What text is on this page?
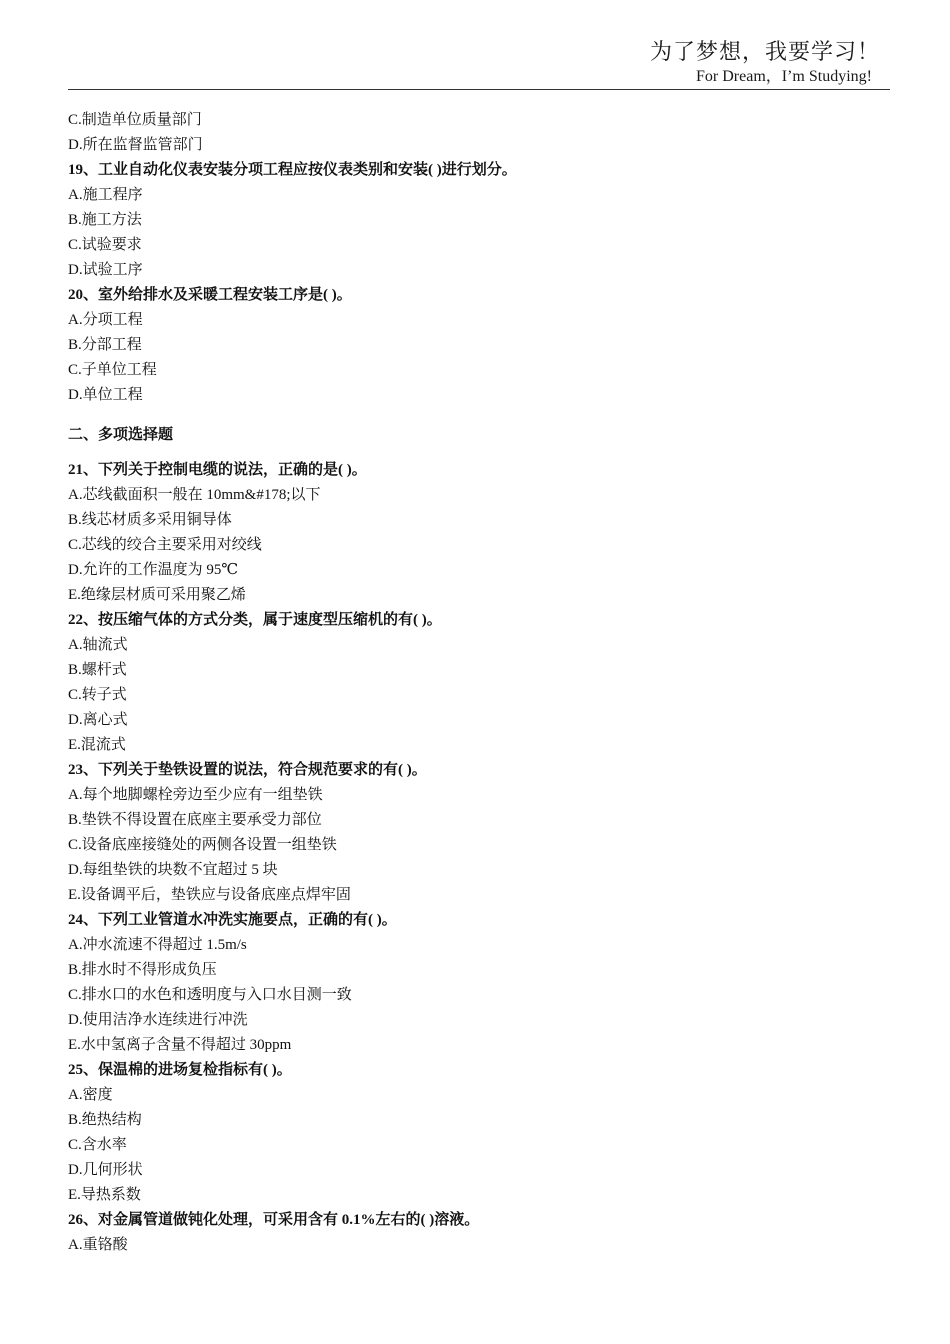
为了梦想，我要学习！
For Dream，I’m Studying!
C.制造单位质量部门
D.所在监督监管部门
19、工业自动化仪表安装分项工程应按仪表类别和安装( )进行划分。
A.施工程序
B.施工方法
C.试验要求
D.试验工序
20、室外给排水及采暖工程安装工序是( )。
A.分项工程
B.分部工程
C.子单位工程
D.单位工程
二、多项选择题
21、下列关于控制电缆的说法，正确的是( )。
A.芯线截面积一般在 10mm&#178;以下
B.线芯材质多采用铜导体
C.芯线的绞合主要采用对绞线
D.允许的工作温度为 95℃
E.绝缘层材质可采用聚乙烯
22、按压缩气体的方式分类，属于速度型压缩机的有( )。
A.轴流式
B.螺杆式
C.转子式
D.离心式
E.混流式
23、下列关于垫铁设置的说法，符合规范要求的有( )。
A.每个地脚螺栓旁边至少应有一组垫铁
B.垫铁不得设置在底座主要承受力部位
C.设备底座接缝处的两侧各设置一组垫铁
D.每组垫铁的块数不宜超过 5 块
E.设备调平后，垫铁应与设备底座点焊牢固
24、下列工业管道水冲洗实施要点，正确的有( )。
A.冲水流速不得超过 1.5m/s
B.排水时不得形成负压
C.排水口的水色和透明度与入口水目测一致
D.使用洁净水连续进行冲洗
E.水中氢离子含量不得超过 30ppm
25、保温棉的进场复检指标有( )。
A.密度
B.绝热结构
C.含水率
D.几何形状
E.导热系数
26、对金属管道做钝化处理，可采用含有 0.1%左右的( )溶液。
A.重铬酸
